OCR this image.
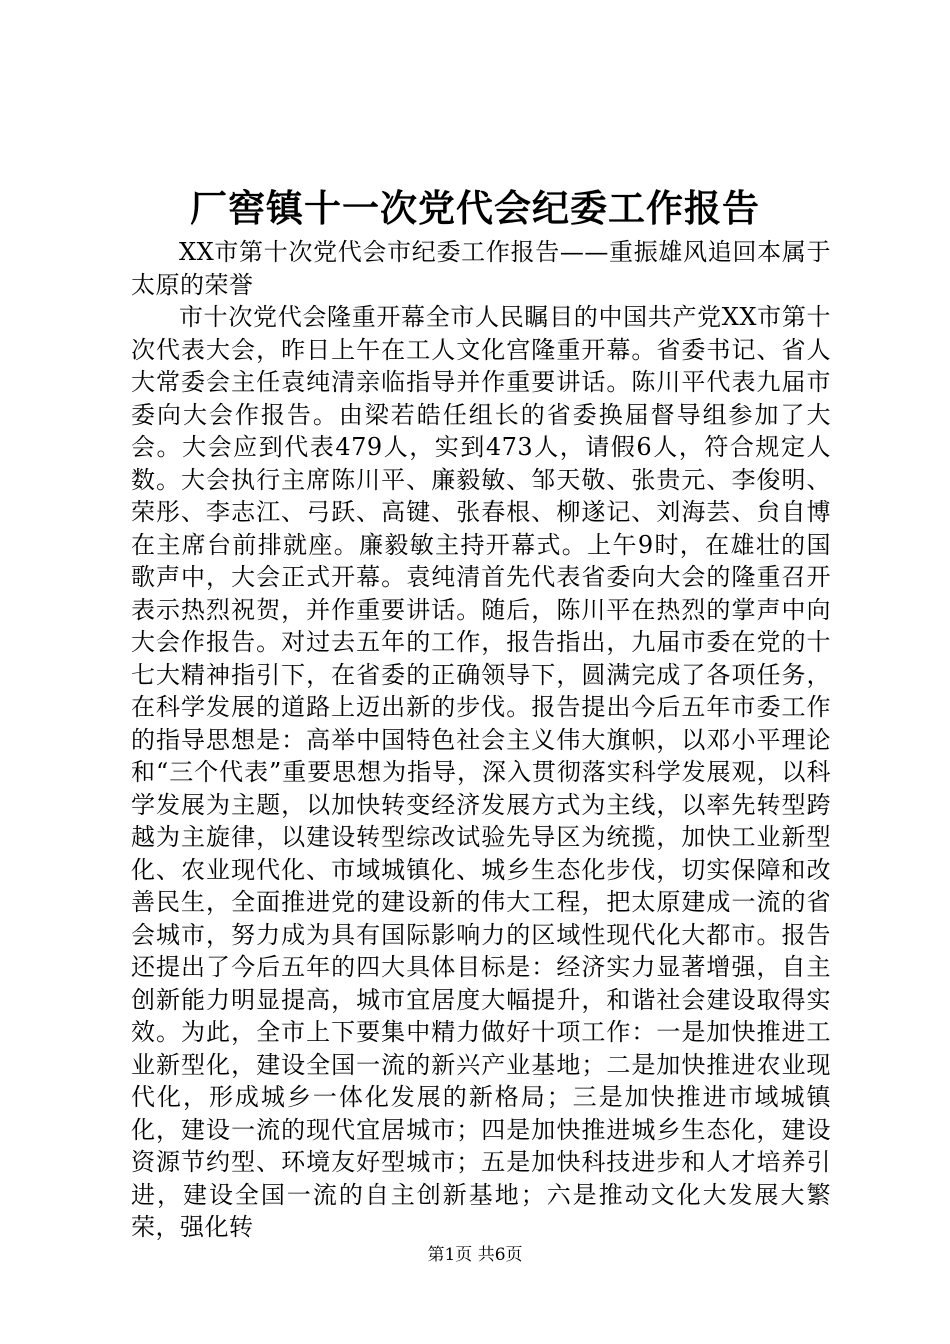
厂窖镇十一次党代会纪委工作报告

XX市第十次党代会市纪委工作报告——重振雄风追回本属于太原的荣誉

市十次党代会隆重开幕全市人民瞩目的中国共产党XX市第十次代表大会，昨日上午在工人文化宫隆重开幕。省委书记、省人大常委会主任袁纯清亲临指导并作重要讲话。陈川平代表九届市委向大会作报告。由梁若皓任组长的省委换届督导组参加了大会。大会应到代表479人，实到473人，请假6人，符合规定人数。大会执行主席陈川平、廉毅敏、邹天敬、张贵元、李俊明、荣彤、李志江、弓跃、高键、张春根、柳遂记、刘海芸、贠自博在主席台前排就座。廉毅敏主持开幕式。上午9时，在雄壮的国歌声中，大会正式开幕。袁纯清首先代表省委向大会的隆重召开表示热烈祝贺，并作重要讲话。随后，陈川平在热烈的掌声中向大会作报告。对过去五年的工作，报告指出，九届市委在党的十七大精神指引下，在省委的正确领导下，圆满完成了各项任务，在科学发展的道路上迈出新的步伐。报告提出今后五年市委工作的指导思想是：高举中国特色社会主义伟大旗帜，以邓小平理论和“三个代表”重要思想为指导，深入贯彻落实科学发展观，以科学发展为主题，以加快转变经济发展方式为主线，以率先转型跨越为主旋律，以建设转型综改试验先导区为统揽，加快工业新型化、农业现代化、市域城镇化、城乡生态化步伐，切实保障和改善民生，全面推进党的建设新的伟大工程，把太原建成一流的省会城市，努力成为具有国际影响力的区域性现代化大都市。报告还提出了今后五年的四大具体目标是：经济实力显著增强，自主创新能力明显提高，城市宜居度大幅提升，和谐社会建设取得实效。为此，全市上下要集中精力做好十项工作：一是加快推进工业新型化，建设全国一流的新兴产业基地；二是加快推进农业现代化，形成城乡一体化发展的新格局；三是加快推进市域城镇化，建设一流的现代宜居城市；四是加快推进城乡生态化，建设资源节约型、环境友好型城市；五是加快科技进步和人才培养引进，建设全国一流的自主创新基地；六是推动文化大发展大繁荣，强化转

第1页 共6页
